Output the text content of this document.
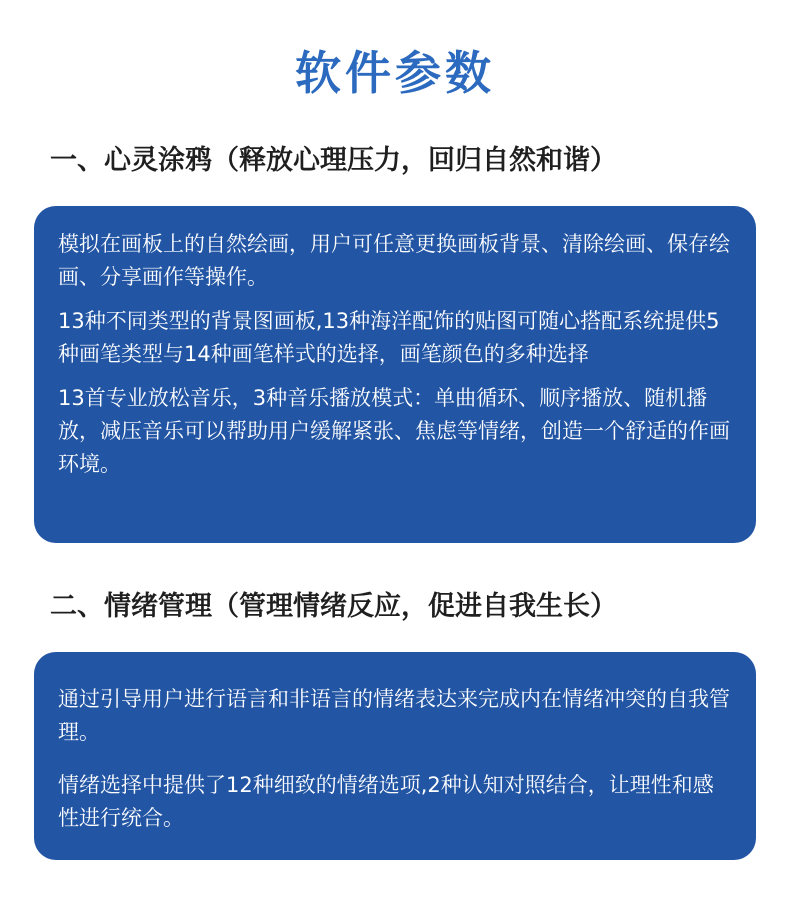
软件参数
一、心灵涂鸦（释放心理压力，回归自然和谐）

模拟在画板上的自然绘画，用户可任意更换画板背景、清除绘画、保存绘画、分享画作等操作。

13种不同类型的背景图画板,13种海洋配饰的贴图可随心搭配系统提供5种画笔类型与14种画笔样式的选择，画笔颜色的多种选择

13首专业放松音乐，3种音乐播放模式：单曲循环、顺序播放、随机播放，减压音乐可以帮助用户缓解紧张、焦虑等情绪，创造一个舒适的作画环境。

二、情绪管理（管理情绪反应，促进自我生长）

通过引导用户进行语言和非语言的情绪表达来完成内在情绪冲突的自我管理。

情绪选择中提供了12种细致的情绪选项,2种认知对照结合，让理性和感性进行统合。
